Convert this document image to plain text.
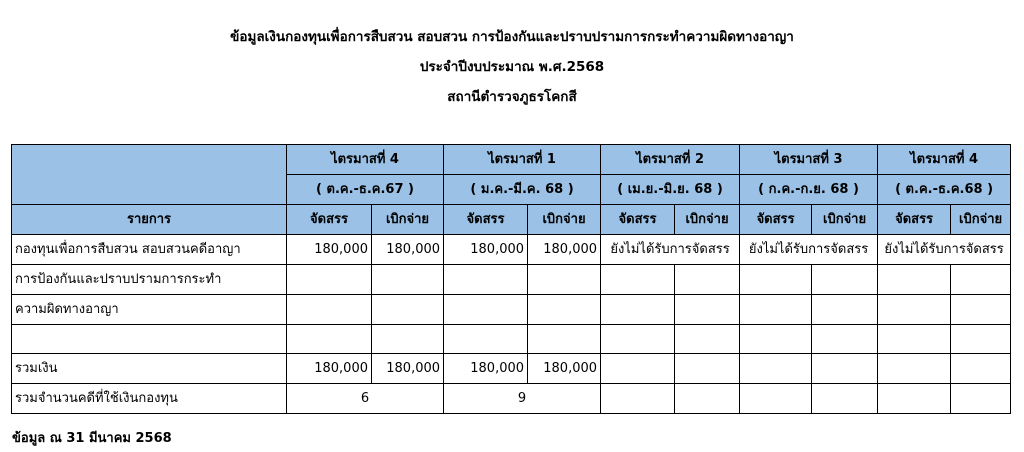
ข้อมูลเงินกองทุนเพื่อการสืบสวน สอบสวน การป้องกันและปราบปรามการกระทำความผิดทางอาญา
ประจำปีงบประมาณ พ.ศ.2568
สถานีตำรวจภูธรโคกสี
	ไตรมาสที่ 4		ไตรมาสที่ 1		ไตรมาสที่ 2		ไตรมาสที่ 3		ไตรมาสที่ 4	
	( ต.ค.-ธ.ค.67 )		( ม.ค.-มี.ค. 68 )		( เม.ย.-มิ.ย. 68 )		( ก.ค.-ก.ย. 68 )		( ต.ค.-ธ.ค.68 )	
รายการ	จัดสรร	เบิกจ่าย	จัดสรร	เบิกจ่าย	จัดสรร	เบิกจ่าย	จัดสรร	เบิกจ่าย	จัดสรร	เบิกจ่าย
กองทุนเพื่อการสืบสวน สอบสวนคดีอาญา	180,000	180,000	180,000	180,000	ยังไม่ได้รับการจัดสรร		ยังไม่ได้รับการจัดสรร		ยังไม่ได้รับการจัดสรร	
การป้องกันและปราบปรามการกระทำ										
ความผิดทางอาญา										

รวมเงิน	180,000	180,000	180,000	180,000						
รวมจำนวนคดีที่ใช้เงินกองทุน	6		9							
ข้อมูล ณ 31 มีนาคม 2568
